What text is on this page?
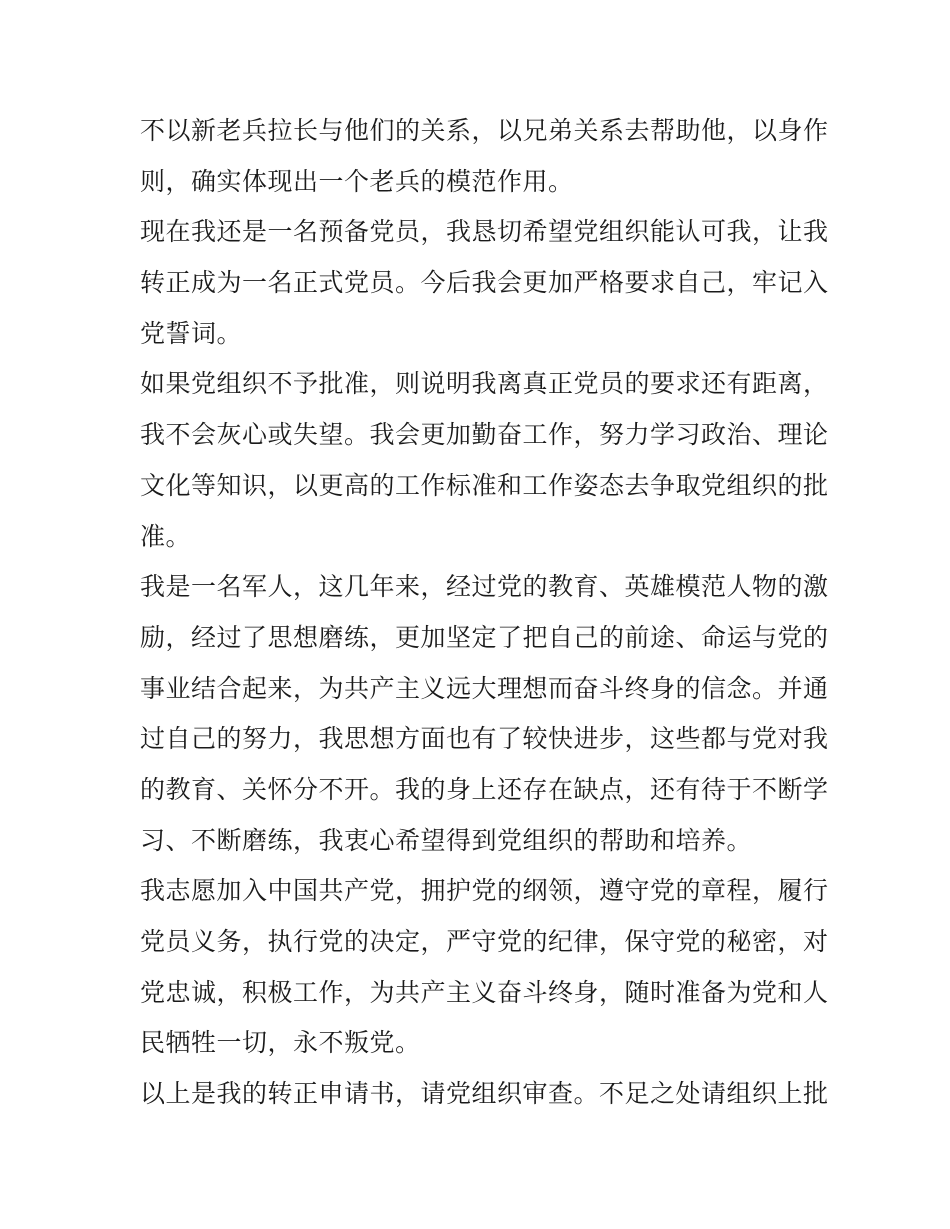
不以新老兵拉长与他们的关系，以兄弟关系去帮助他，以身作
则，确实体现出一个老兵的模范作用。
现在我还是一名预备党员，我恳切希望党组织能认可我，让我
转正成为一名正式党员。今后我会更加严格要求自己，牢记入
党誓词。
如果党组织不予批准，则说明我离真正党员的要求还有距离，
我不会灰心或失望。我会更加勤奋工作，努力学习政治、理论
文化等知识，以更高的工作标准和工作姿态去争取党组织的批
准。
我是一名军人，这几年来，经过党的教育、英雄模范人物的激
励，经过了思想磨练，更加坚定了把自己的前途、命运与党的
事业结合起来，为共产主义远大理想而奋斗终身的信念。并通
过自己的努力，我思想方面也有了较快进步，这些都与党对我
的教育、关怀分不开。我的身上还存在缺点，还有待于不断学
习、不断磨练，我衷心希望得到党组织的帮助和培养。
我志愿加入中国共产党，拥护党的纲领，遵守党的章程，履行
党员义务，执行党的决定，严守党的纪律，保守党的秘密，对
党忠诚，积极工作，为共产主义奋斗终身，随时准备为党和人
民牺牲一切，永不叛党。
以上是我的转正申请书，请党组织审查。不足之处请组织上批
